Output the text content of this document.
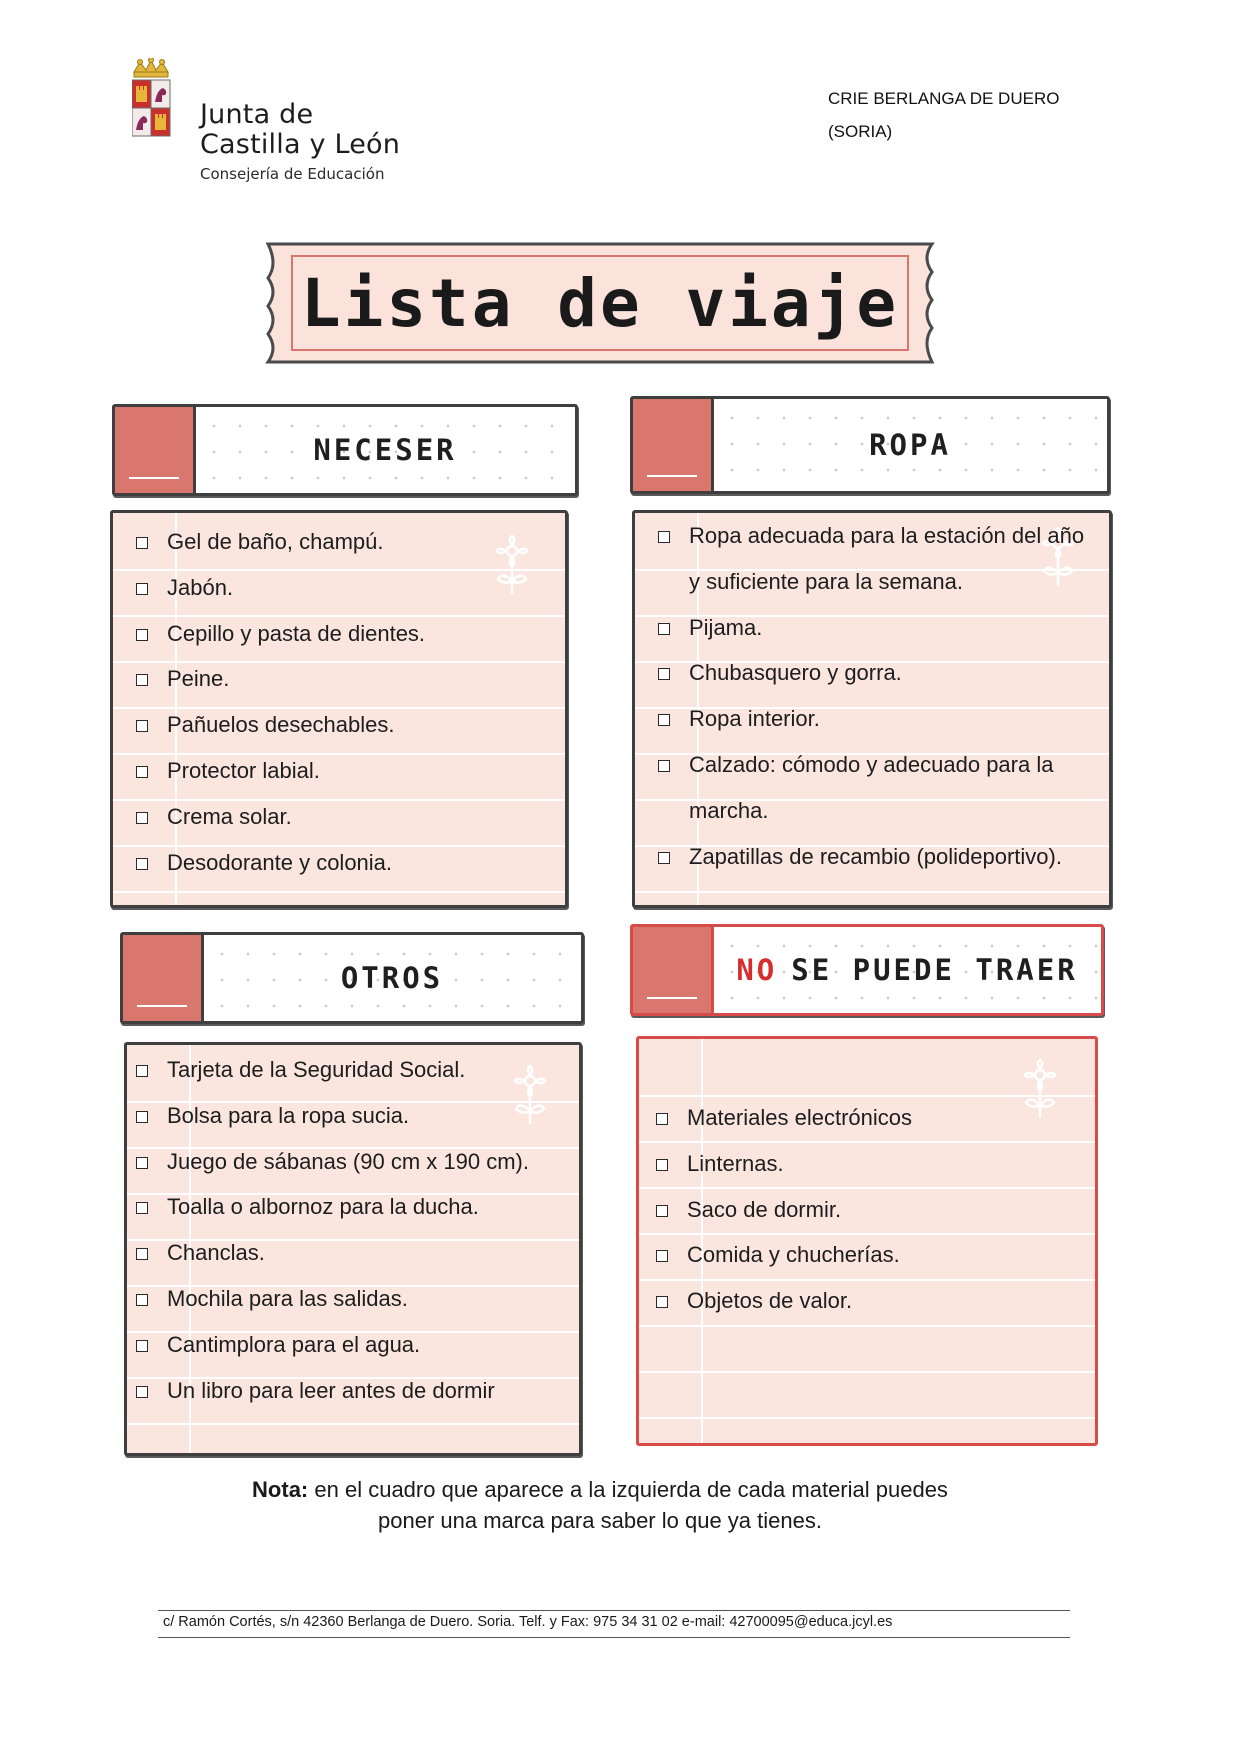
Junta de
Castilla y León
Consejería de Educación
CRIE BERLANGA DE DUERO
(SORIA)
Lista de viaje
NECESER
Gel de baño, champú.
Jabón.
Cepillo y pasta de dientes.
Peine.
Pañuelos desechables.
Protector labial.
Crema solar.
Desodorante y colonia.
ROPA
Ropa adecuada para la estación del año y suficiente para la semana.
Pijama.
Chubasquero y gorra.
Ropa interior.
Calzado: cómodo y adecuado para la marcha.
Zapatillas de recambio (polideportivo).
OTROS
Tarjeta de la Seguridad Social.
Bolsa para la ropa sucia.
Juego de sábanas (90 cm x 190 cm).
Toalla o albornoz para la ducha.
Chanclas.
Mochila para las salidas.
Cantimplora para el agua.
Un libro para leer antes de dormir
NO SE PUEDE TRAER
Materiales electrónicos
Linternas.
Saco de dormir.
Comida y chucherías.
Objetos de valor.
Nota: en el cuadro que aparece a la izquierda de cada material puedes
poner una marca para saber lo que ya tienes.
c/ Ramón Cortés, s/n 42360 Berlanga de Duero. Soria. Telf. y Fax: 975 34 31 02 e-mail: 42700095@educa.jcyl.es
